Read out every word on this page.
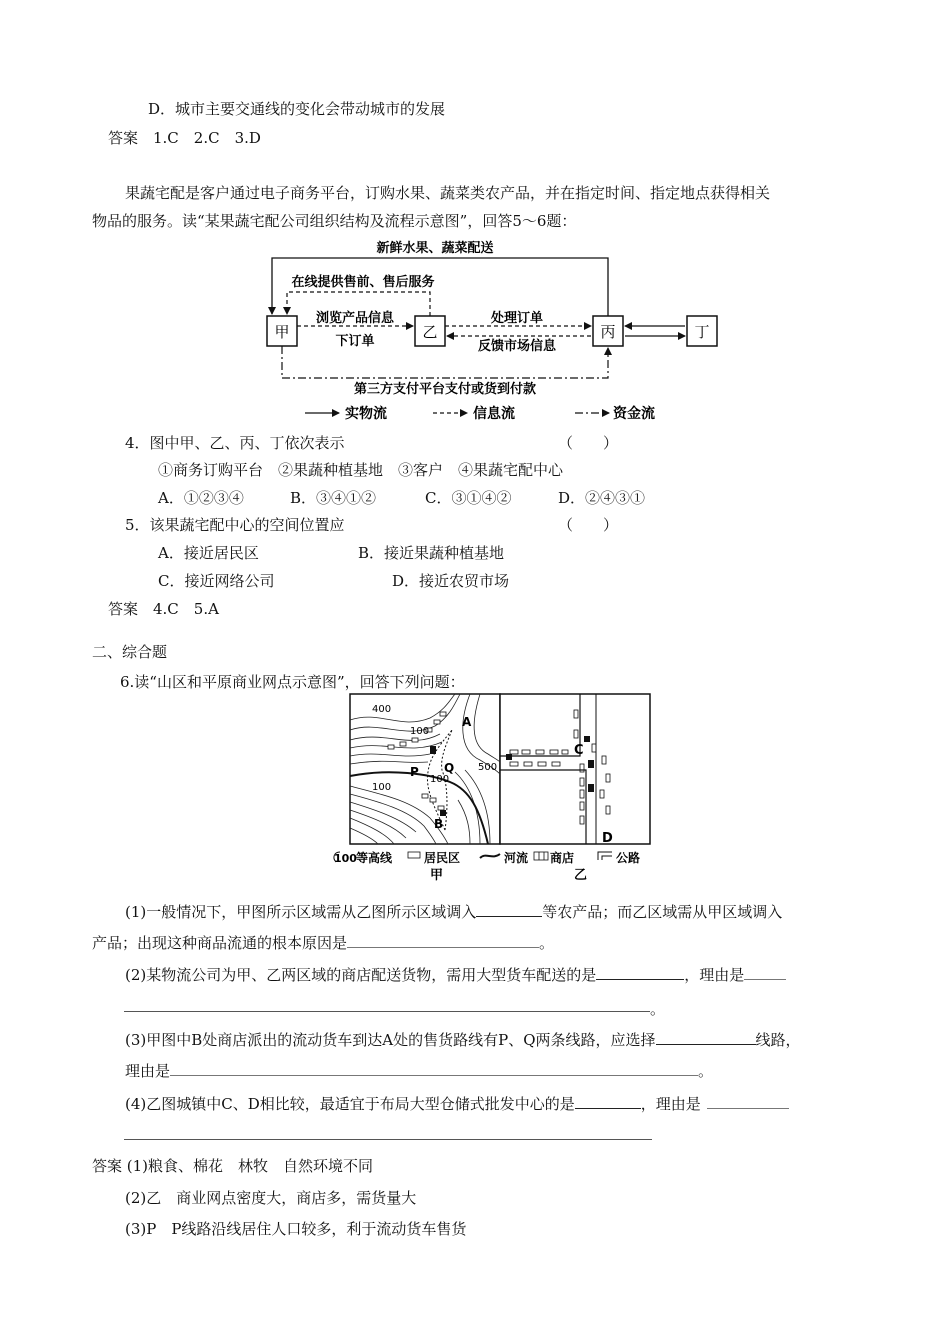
D．城市主要交通线的变化会带动城市的发展
答案　1.C　2.C　3.D
果蔬宅配是客户通过电子商务平台，订购水果、蔬菜类农产品，并在指定时间、指定地点获得相关
物品的服务。读“某果蔬宅配公司组织结构及流程示意图”，回答5～6题：
甲	乙	丙	丁
新鲜水果、蔬菜配送
在线提供售前、售后服务
浏览产品信息
下订单
处理订单
反馈市场信息
第三方支付平台支付或货到付款
实物流	信息流	资金流
4．图中甲、乙、丙、丁依次表示	（　　）
①商务订购平台　②果蔬种植基地　③客户　④果蔬宅配中心
A．①②③④	B．③④①②	C．③①④②	D．②④③①
5．该果蔬宅配中心的空间位置应	（　　）
A．接近居民区	B．接近果蔬种植基地
C．接近网络公司	D．接近农贸市场
答案　4.C　5.A
二、综合题
6.读“山区和平原商业网点示意图”，回答下列问题：
400
100
100
100
500
A
B
P Q
C
D
100 等高线	居民区	河流 商店	公路
甲	乙
(1)一般情况下，甲图所示区域需从乙图所示区域调入	等农产品；而乙区域需从甲区域调入
产品；出现这种商品流通的根本原因是	。
(2)某物流公司为甲、乙两区域的商店配送货物，需用大型货车配送的是	，理由是
。
(3)甲图中B处商店派出的流动货车到达A处的售货路线有P、Q两条线路，应选择	线路，
理由是	。
(4)乙图城镇中C、D相比较，最适宜于布局大型仓储式批发中心的是	，理由是
答案 (1)粮食、棉花　林牧　自然环境不同
(2)乙　商业网点密度大，商店多，需货量大
(3)P　P线路沿线居住人口较多，利于流动货车售货
